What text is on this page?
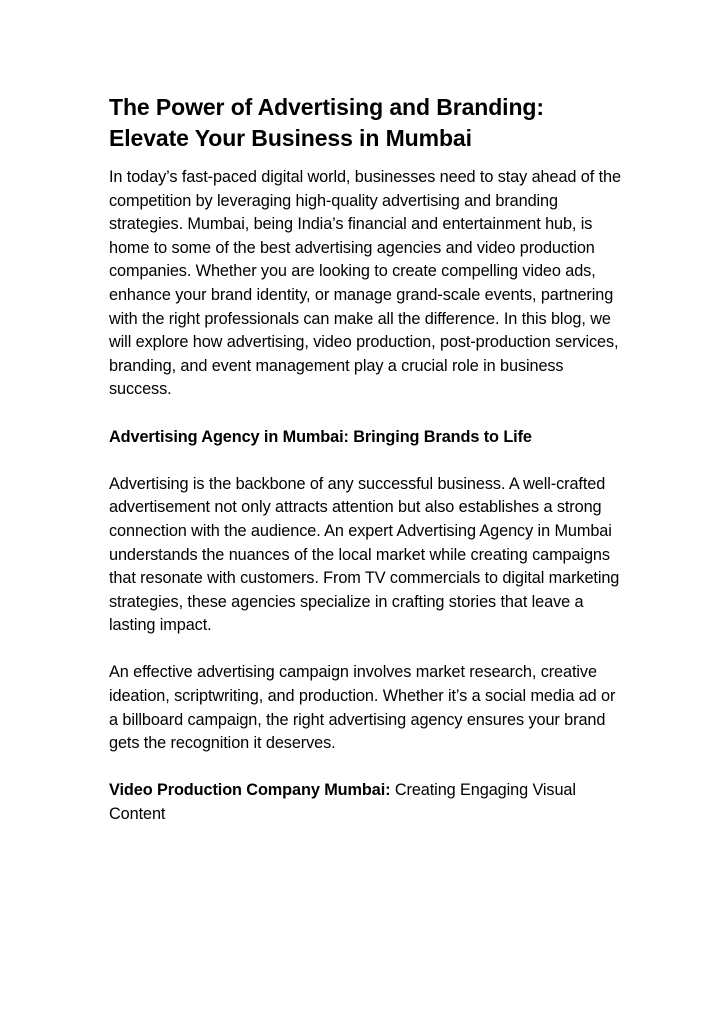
The Power of Advertising and Branding: Elevate Your Business in Mumbai

In today’s fast-paced digital world, businesses need to stay ahead of the competition by leveraging high-quality advertising and branding strategies. Mumbai, being India’s financial and entertainment hub, is home to some of the best advertising agencies and video production companies. Whether you are looking to create compelling video ads, enhance your brand identity, or manage grand-scale events, partnering with the right professionals can make all the difference. In this blog, we will explore how advertising, video production, post-production services, branding, and event management play a crucial role in business success.

Advertising Agency in Mumbai: Bringing Brands to Life

Advertising is the backbone of any successful business. A well-crafted advertisement not only attracts attention but also establishes a strong connection with the audience. An expert Advertising Agency in Mumbai understands the nuances of the local market while creating campaigns that resonate with customers. From TV commercials to digital marketing strategies, these agencies specialize in crafting stories that leave a lasting impact.

An effective advertising campaign involves market research, creative ideation, scriptwriting, and production. Whether it’s a social media ad or a billboard campaign, the right advertising agency ensures your brand gets the recognition it deserves.

Video Production Company Mumbai: Creating Engaging Visual Content
